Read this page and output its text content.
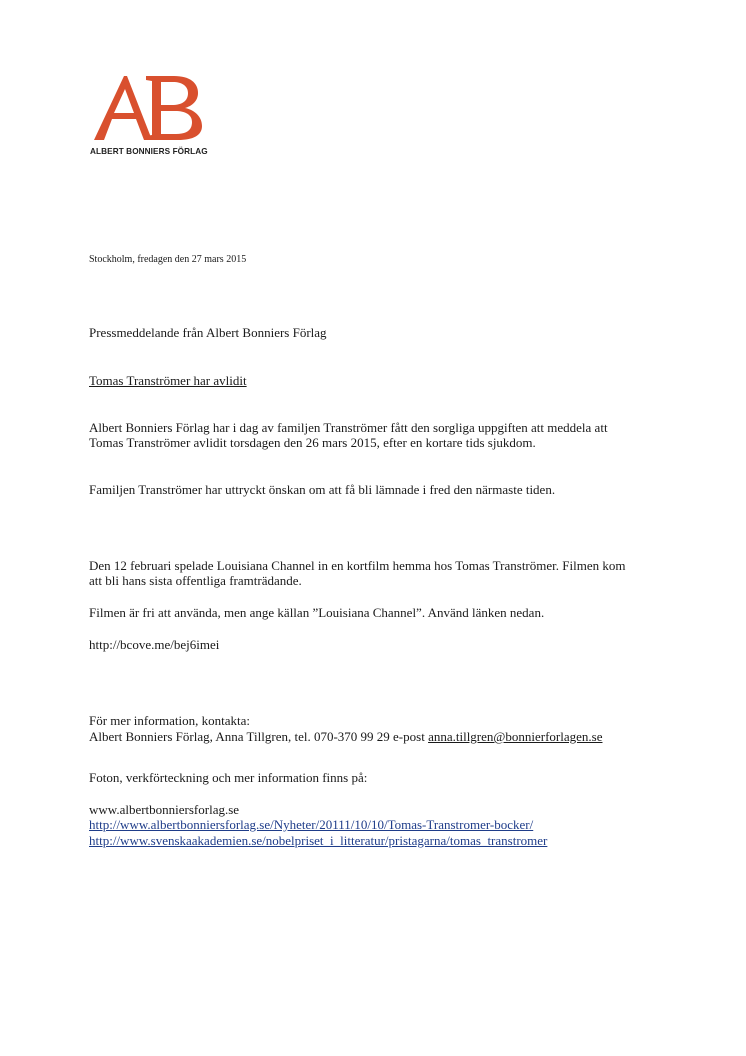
ALBERT BONNIERS FÖRLAG
Stockholm, fredagen den 27 mars 2015
Pressmeddelande från Albert Bonniers Förlag
Tomas Tranströmer har avlidit
Albert Bonniers Förlag har i dag av familjen Tranströmer fått den sorgliga uppgiften att meddela att
Tomas Tranströmer avlidit torsdagen den 26 mars 2015, efter en kortare tids sjukdom.
Familjen Tranströmer har uttryckt önskan om att få bli lämnade i fred den närmaste tiden.
Den 12 februari spelade Louisiana Channel in en kortfilm hemma hos Tomas Tranströmer. Filmen kom
att bli hans sista offentliga framträdande.
Filmen är fri att använda, men ange källan ”Louisiana Channel”. Använd länken nedan.
http://bcove.me/bej6imei
För mer information, kontakta:
Albert Bonniers Förlag, Anna Tillgren, tel. 070-370 99 29 e-post anna.tillgren@bonnierforlagen.se
Foton, verkförteckning och mer information finns på:
www.albertbonniersforlag.se
http://www.albertbonniersforlag.se/Nyheter/20111/10/10/Tomas-Transtromer-bocker/
http://www.svenskaakademien.se/nobelpriset_i_litteratur/pristagarna/tomas_transtromer
